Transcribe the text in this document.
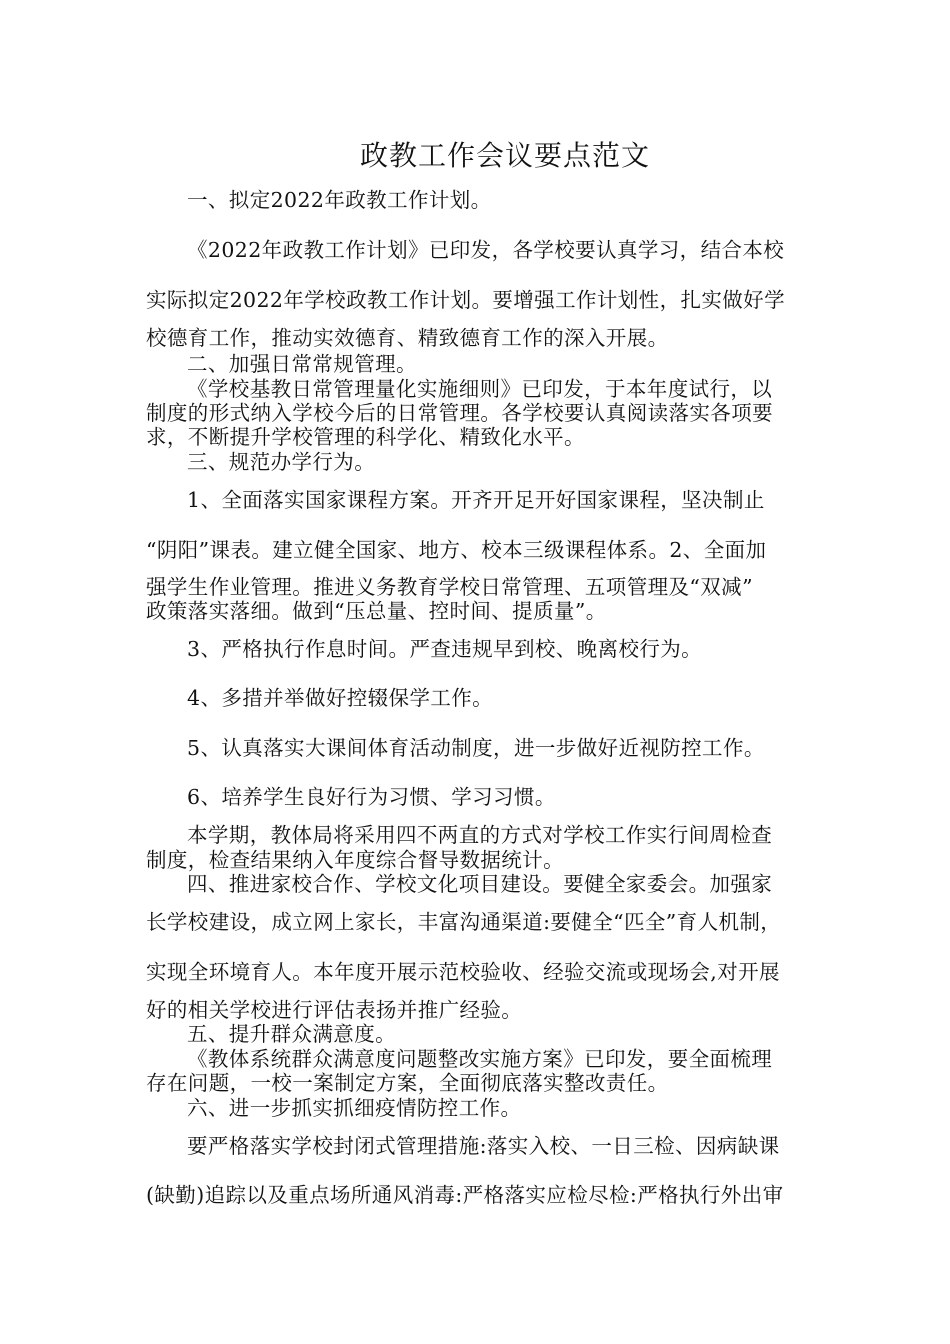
政教工作会议要点范文
一、拟定2022年政教工作计划。
《2022年政教工作计划》已印发，各学校要认真学习，结合本校
实际拟定2022年学校政教工作计划。要增强工作计划性，扎实做好学
校德育工作，推动实效德育、精致德育工作的深入开展。
二、加强日常常规管理。
《学校基教日常管理量化实施细则》已印发，于本年度试行，以
制度的形式纳入学校今后的日常管理。各学校要认真阅读落实各项要
求，不断提升学校管理的科学化、精致化水平。
三、规范办学行为。
1、全面落实国家课程方案。开齐开足开好国家课程，坚决制止
“阴阳”课表。建立健全国家、地方、校本三级课程体系。2、全面加
强学生作业管理。推进义务教育学校日常管理、五项管理及“双减”
政策落实落细。做到“压总量、控时间、提质量”。
3、严格执行作息时间。严查违规早到校、晚离校行为。
4、多措并举做好控辍保学工作。
5、认真落实大课间体育活动制度，进一步做好近视防控工作。
6、培养学生良好行为习惯、学习习惯。
本学期，教体局将采用四不两直的方式对学校工作实行间周检查
制度，检查结果纳入年度综合督导数据统计。
四、推进家校合作、学校文化项目建设。要健全家委会。加强家
长学校建设，成立网上家长，丰富沟通渠道:要健全“匹全”育人机制，
实现全环境育人。本年度开展示范校验收、经验交流或现场会,对开展
好的相关学校进行评估表扬并推广经验。
五、提升群众满意度。
《教体系统群众满意度问题整改实施方案》已印发，要全面梳理
存在问题，一校一案制定方案，全面彻底落实整改责任。
六、进一步抓实抓细疫情防控工作。
要严格落实学校封闭式管理措施:落实入校、一日三检、因病缺课
(缺勤)追踪以及重点场所通风消毒:严格落实应检尽检:严格执行外出审
